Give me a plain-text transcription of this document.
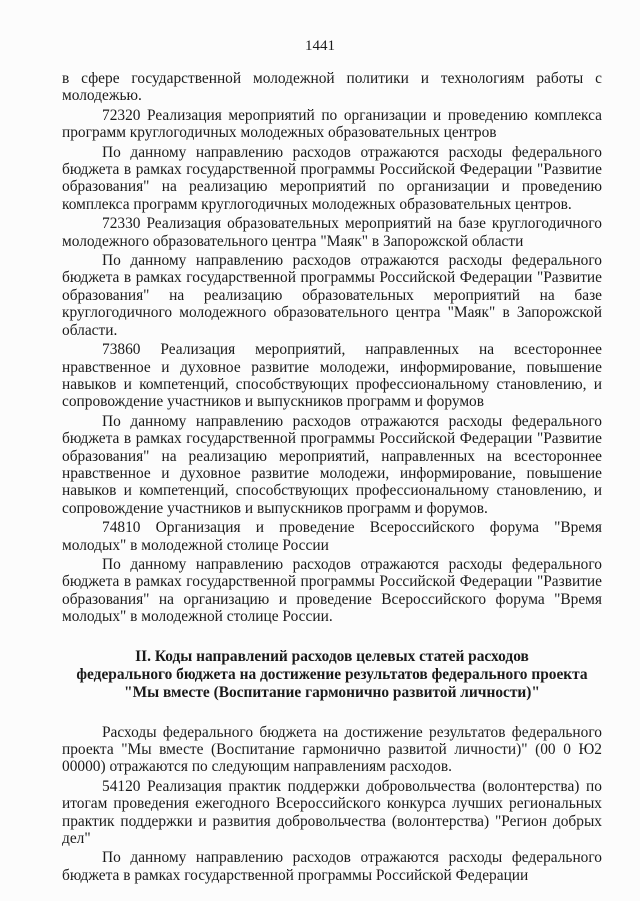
1441

в сфере государственной молодежной политики и технологиям работы с молодежью.

72320 Реализация мероприятий по организации и проведению комплекса программ круглогодичных молодежных образовательных центров

По данному направлению расходов отражаются расходы федерального бюджета в рамках государственной программы Российской Федерации "Развитие образования" на реализацию мероприятий по организации и проведению комплекса программ круглогодичных молодежных образовательных центров.

72330 Реализация образовательных мероприятий на базе круглогодичного молодежного образовательного центра "Маяк" в Запорожской области

По данному направлению расходов отражаются расходы федерального бюджета в рамках государственной программы Российской Федерации "Развитие образования" на реализацию образовательных мероприятий на базе круглогодичного молодежного образовательного центра "Маяк" в Запорожской области.

73860 Реализация мероприятий, направленных на всестороннее нравственное и духовное развитие молодежи, информирование, повышение навыков и компетенций, способствующих профессиональному становлению, и сопровождение участников и выпускников программ и форумов

По данному направлению расходов отражаются расходы федерального бюджета в рамках государственной программы Российской Федерации "Развитие образования" на реализацию мероприятий, направленных на всестороннее нравственное и духовное развитие молодежи, информирование, повышение навыков и компетенций, способствующих профессиональному становлению, и сопровождение участников и выпускников программ и форумов.

74810 Организация и проведение Всероссийского форума "Время молодых" в молодежной столице России

По данному направлению расходов отражаются расходы федерального бюджета в рамках государственной программы Российской Федерации "Развитие образования" на организацию и проведение Всероссийского форума "Время молодых" в молодежной столице России.

II. Коды направлений расходов целевых статей расходов
федерального бюджета на достижение результатов федерального проекта
"Мы вместе (Воспитание гармонично развитой личности)"

Расходы федерального бюджета на достижение результатов федерального проекта "Мы вместе (Воспитание гармонично развитой личности)" (00 0 Ю2 00000) отражаются по следующим направлениям расходов.

54120 Реализация практик поддержки добровольчества (волонтерства) по итогам проведения ежегодного Всероссийского конкурса лучших региональных практик поддержки и развития добровольчества (волонтерства) "Регион добрых дел"

По данному направлению расходов отражаются расходы федерального бюджета в рамках государственной программы Российской Федерации
